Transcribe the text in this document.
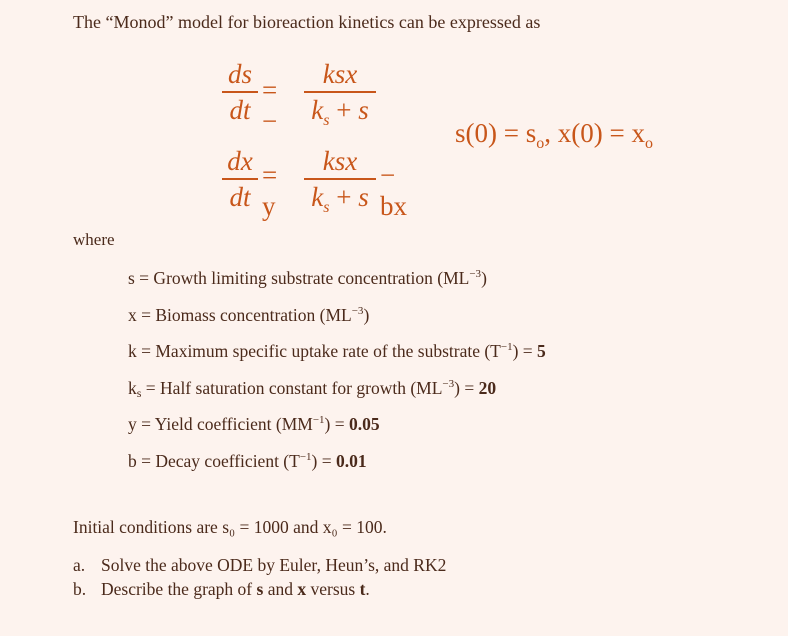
The “Monod” model for bioreaction kinetics can be expressed as
ds
dt
= −
ksx
$k_s + s$
dx
dt
= y
ksx
$k_s + s$
− bx
$s(0) = s_o$, $x(0) = x_o$
where
s = Growth limiting substrate concentration $(ML^{-3})$
x = Biomass concentration $(ML^{-3})$
k = Maximum specific uptake rate of the substrate $(T^{-1}) = 5$
ks = Half saturation constant for growth $(ML^{-3}) = 20$
y = Yield coefficient $(MM^{-1}) = 0.05$
b = Decay coefficient $(T^{-1}) = 0.01$
Initial conditions are s₀ = 1000 and x₀ = 100.
a. Solve the above ODE by Euler, Heun’s, and RK2
b. Describe the graph of s and x versus t.
